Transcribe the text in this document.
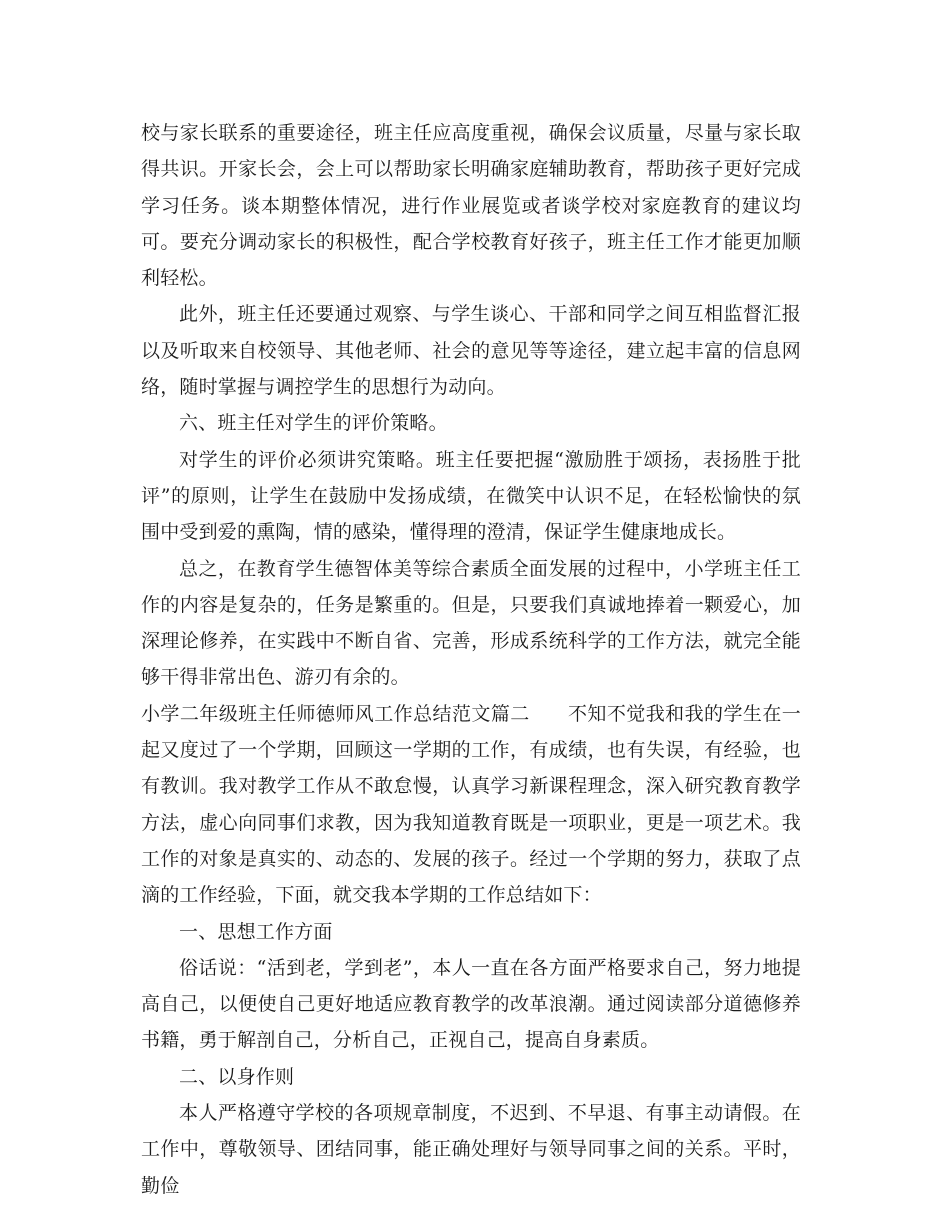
校与家长联系的重要途径，班主任应高度重视，确保会议质量，尽量与家长取得共识。开家长会，会上可以帮助家长明确家庭辅助教育，帮助孩子更好完成学习任务。谈本期整体情况，进行作业展览或者谈学校对家庭教育的建议均可。要充分调动家长的积极性，配合学校教育好孩子，班主任工作才能更加顺利轻松。

此外，班主任还要通过观察、与学生谈心、干部和同学之间互相监督汇报以及听取来自校领导、其他老师、社会的意见等等途径，建立起丰富的信息网络，随时掌握与调控学生的思想行为动向。

六、班主任对学生的评价策略。

对学生的评价必须讲究策略。班主任要把握“激励胜于颂扬，表扬胜于批评”的原则，让学生在鼓励中发扬成绩，在微笑中认识不足，在轻松愉快的氛围中受到爱的熏陶，情的感染，懂得理的澄清，保证学生健康地成长。

总之，在教育学生德智体美等综合素质全面发展的过程中，小学班主任工作的内容是复杂的，任务是繁重的。但是，只要我们真诚地捧着一颗爱心，加深理论修养，在实践中不断自省、完善，形成系统科学的工作方法，就完全能够干得非常出色、游刃有余的。

小学二年级班主任师德师风工作总结范文篇二 不知不觉我和我的学生在一起又度过了一个学期，回顾这一学期的工作，有成绩，也有失误，有经验，也有教训。我对教学工作从不敢怠慢，认真学习新课程理念，深入研究教育教学方法，虚心向同事们求教，因为我知道教育既是一项职业，更是一项艺术。我工作的对象是真实的、动态的、发展的孩子。经过一个学期的努力，获取了点滴的工作经验，下面，就交我本学期的工作总结如下：

一、思想工作方面

俗话说：“活到老，学到老”，本人一直在各方面严格要求自己，努力地提高自己，以便使自己更好地适应教育教学的改革浪潮。通过阅读部分道德修养书籍，勇于解剖自己，分析自己，正视自己，提高自身素质。

二、以身作则

本人严格遵守学校的各项规章制度，不迟到、不早退、有事主动请假。在工作中，尊敬领导、团结同事，能正确处理好与领导同事之间的关系。平时，勤俭
